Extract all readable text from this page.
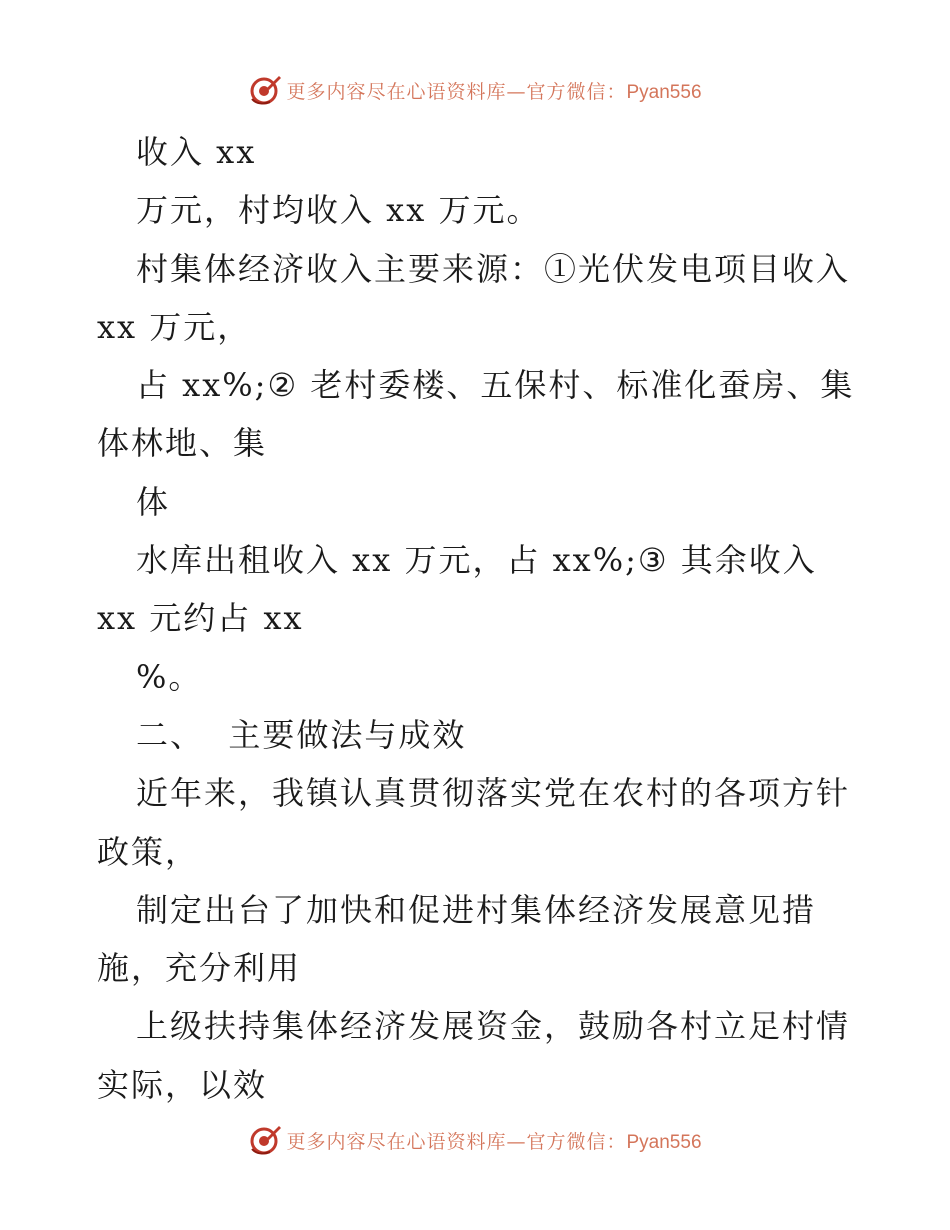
更多内容尽在心语资料库—官方微信：Pyan556
收入 xx
万元，村均收入 xx 万元。
村集体经济收入主要来源：①光伏发电项目收入
xx 万元，
占 xx%;② 老村委楼、五保村、标准化蚕房、集
体林地、集
体
水库出租收入 xx 万元，占 xx%;③ 其余收入
xx 元约占 xx
%。
二、  主要做法与成效
近年来，我镇认真贯彻落实党在农村的各项方针
政策，
制定出台了加快和促进村集体经济发展意见措
施，充分利用
上级扶持集体经济发展资金，鼓励各村立足村情
实际，以效
更多内容尽在心语资料库—官方微信：Pyan556
